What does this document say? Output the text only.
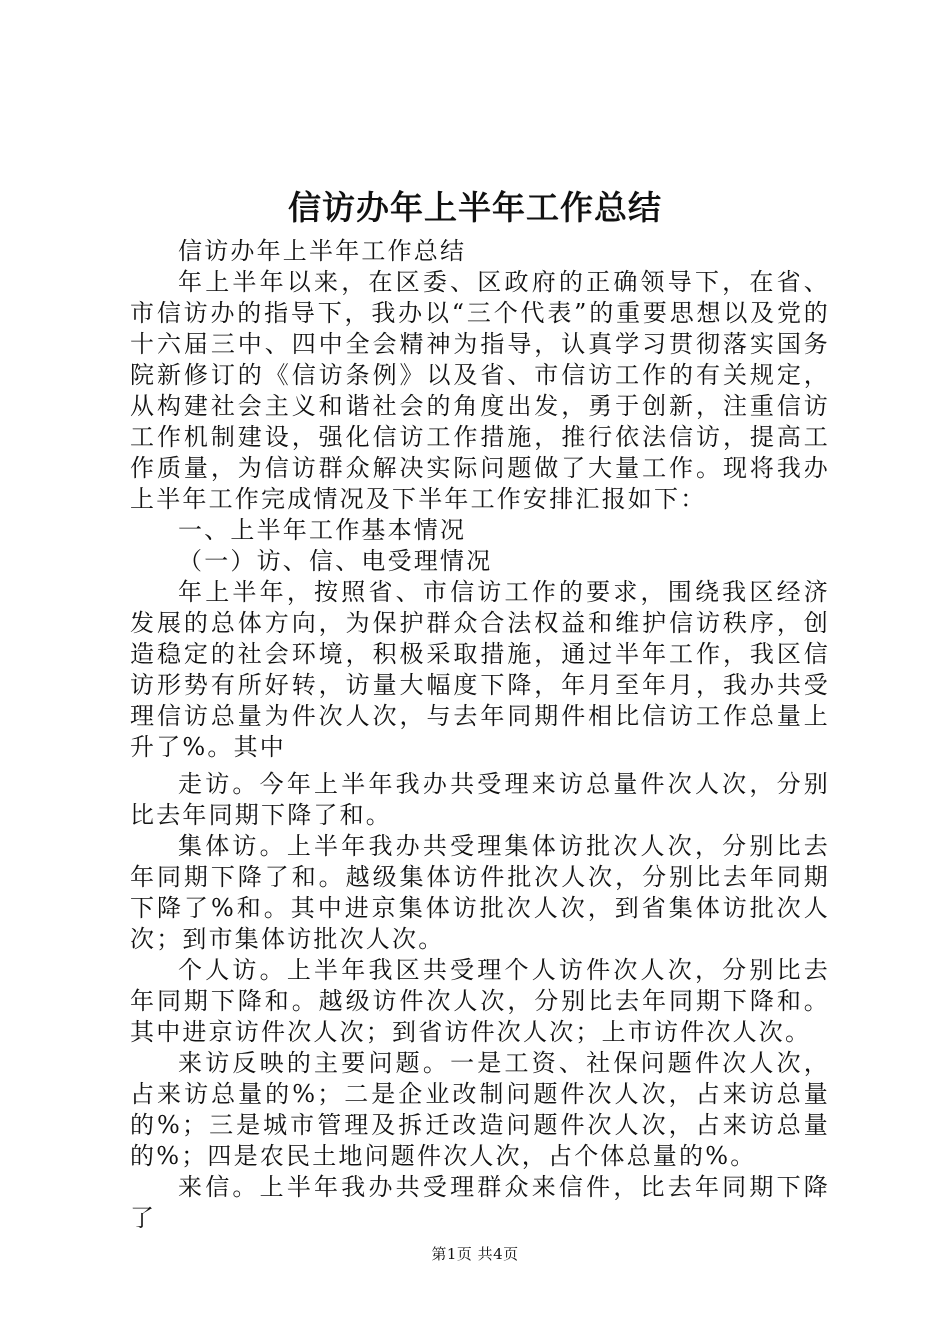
信访办年上半年工作总结

信访办年上半年工作总结

年上半年以来，在区委、区政府的正确领导下，在省、市信访办的指导下，我办以“三个代表”的重要思想以及党的十六届三中、四中全会精神为指导，认真学习贯彻落实国务院新修订的《信访条例》以及省、市信访工作的有关规定，从构建社会主义和谐社会的角度出发，勇于创新，注重信访工作机制建设，强化信访工作措施，推行依法信访，提高工作质量，为信访群众解决实际问题做了大量工作。现将我办上半年工作完成情况及下半年工作安排汇报如下：

一、上半年工作基本情况

（一）访、信、电受理情况

年上半年，按照省、市信访工作的要求，围绕我区经济发展的总体方向，为保护群众合法权益和维护信访秩序，创造稳定的社会环境，积极采取措施，通过半年工作，我区信访形势有所好转，访量大幅度下降，年月至年月，我办共受理信访总量为件次人次，与去年同期件相比信访工作总量上升了%。其中

走访。今年上半年我办共受理来访总量件次人次，分别比去年同期下降了和。

集体访。上半年我办共受理集体访批次人次，分别比去年同期下降了和。越级集体访件批次人次，分别比去年同期下降了%和。其中进京集体访批次人次，到省集体访批次人次；到市集体访批次人次。

个人访。上半年我区共受理个人访件次人次，分别比去年同期下降和。越级访件次人次，分别比去年同期下降和。其中进京访件次人次；到省访件次人次；上市访件次人次。

来访反映的主要问题。一是工资、社保问题件次人次，占来访总量的%；二是企业改制问题件次人次，占来访总量的%；三是城市管理及拆迁改造问题件次人次，占来访总量的%；四是农民土地问题件次人次，占个体总量的%。

来信。上半年我办共受理群众来信件，比去年同期下降了

第1页 共4页
